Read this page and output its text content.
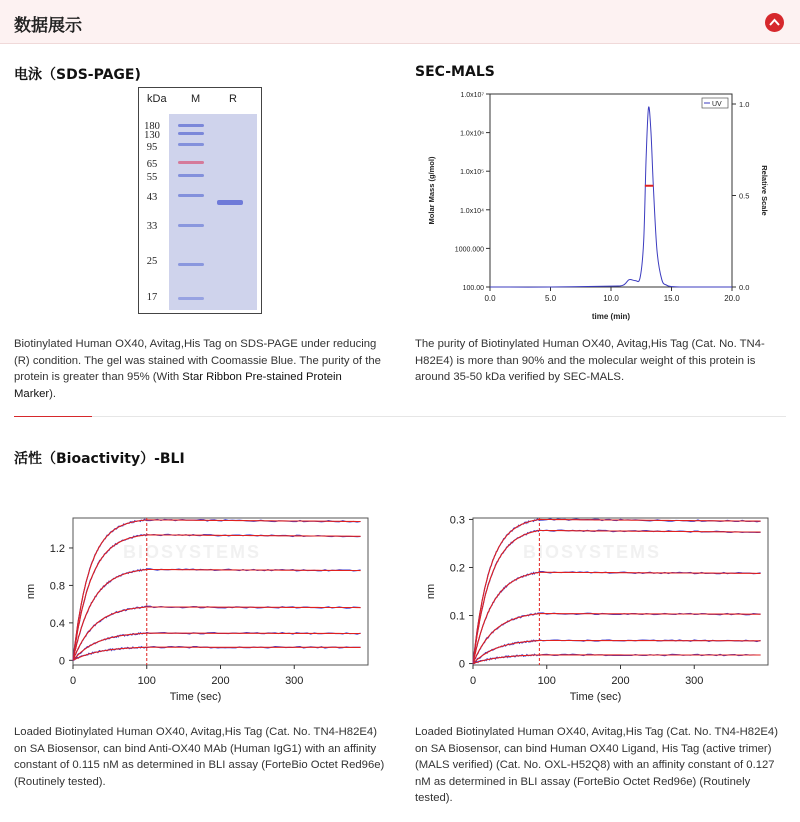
数据展示
电泳（SDS-PAGE)
kDa M	R
180
130
95
65
55
43
33
25
17
Biotinylated Human OX40, Avitag,His Tag on SDS-PAGE under reducing (R) condition. The gel was stained with Coomassie Blue. The purity of the protein is greater than 95% (With Star Ribbon Pre-stained Protein Marker).
SEC-MALS
0.0	5.0	10.0	15.0	20.0
100.00
1000.000
1.0x10⁴
1.0x10⁵
1.0x10⁶
1.0x10⁷
0.0
0.5
1.0
time (min)
Molar Mass (g/mol)	Relative Scale
UV
The purity of Biotinylated Human OX40, Avitag,His Tag (Cat. No. TN4-H82E4) is more than 90% and the molecular weight of this protein is around 35-50 kDa verified by SEC-MALS.
活性（Bioactivity）-BLI
BIOSYSTEMS
0	100	200	300
0
0.4
0.8
1.2
Time (sec)
nm
BIOSYSTEMS
0	100	200	300
0
0.1
0.2
0.3
Time (sec)
nm
Loaded Biotinylated Human OX40, Avitag,His Tag (Cat. No. TN4-H82E4) on SA Biosensor, can bind Anti-OX40 MAb (Human IgG1) with an affinity constant of 0.115 nM as determined in BLI assay (ForteBio Octet Red96e) (Routinely tested).
Loaded Biotinylated Human OX40, Avitag,His Tag (Cat. No. TN4-H82E4) on SA Biosensor, can bind Human OX40 Ligand, His Tag (active trimer) (MALS verified) (Cat. No. OXL-H52Q8) with an affinity constant of 0.127 nM as determined in BLI assay (ForteBio Octet Red96e) (Routinely tested).
